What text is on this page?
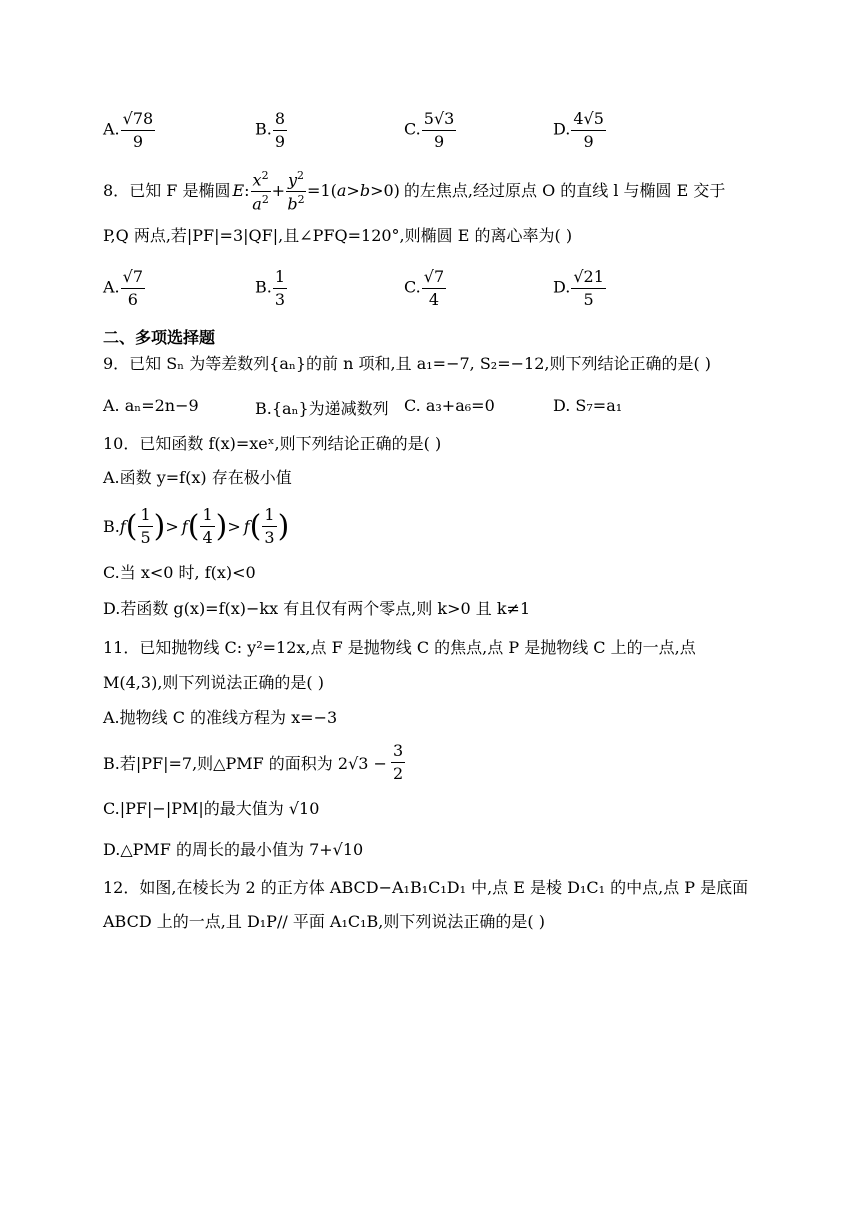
A. $\frac{√78}{9}$	B. $\frac{8}{9}$	C. $\frac{5√3}{9}$	D. $\frac{4√5}{9}$
8． 已知 F 是椭圆 E: $\frac{x^2}{a^2} + \frac{y^2}{b^2} =1(a>b>0)$ 的左焦点,经过原点 O 的直线 l 与椭圆 E 交于
P,Q 两点,若|PF|=3|QF|,且∠PFQ=120°,则椭圆 E 的离心率为( )
A. $\frac{√7}{6}$	B. $\frac{1}{3}$	C. $\frac{√7}{4}$	D. $\frac{√21}{5}$
二、多项选择题
9．已知 Sₙ 为等差数列{aₙ}的前 n 项和,且 a₁=−7, S₂=−12,则下列结论正确的是( )
A. aₙ=2n−9	B.{aₙ}为递减数列 C. a₃+a₆=0	D. S₇=a₁
10．已知函数 f(x)=xeˣ,则下列结论正确的是( )
A.函数 y=f(x) 存在极小值
B. f ( $\frac{1}{5}$ ) > f ( $\frac{1}{4}$ ) > f ( $\frac{1}{3}$ )
C.当 x<0 时, f(x)<0
D.若函数 g(x)=f(x)−kx 有且仅有两个零点,则 k>0 且 k≠1
11．已知抛物线 C: y²=12x,点 F 是抛物线 C 的焦点,点 P 是抛物线 C 上的一点,点
M(4,3),则下列说法正确的是( )
A.抛物线 C 的准线方程为 x=−3
B.若|PF|=7,则△PMF 的面积为 $2√3 - \frac{3}{2}$
C.|PF|−|PM|的最大值为 √10
D.△PMF 的周长的最小值为 7+√10
12．如图,在棱长为 2 的正方体 ABCD−A₁B₁C₁D₁ 中,点 E 是棱 D₁C₁ 的中点,点 P 是底面
ABCD 上的一点,且 D₁P// 平面 A₁C₁B,则下列说法正确的是( )
